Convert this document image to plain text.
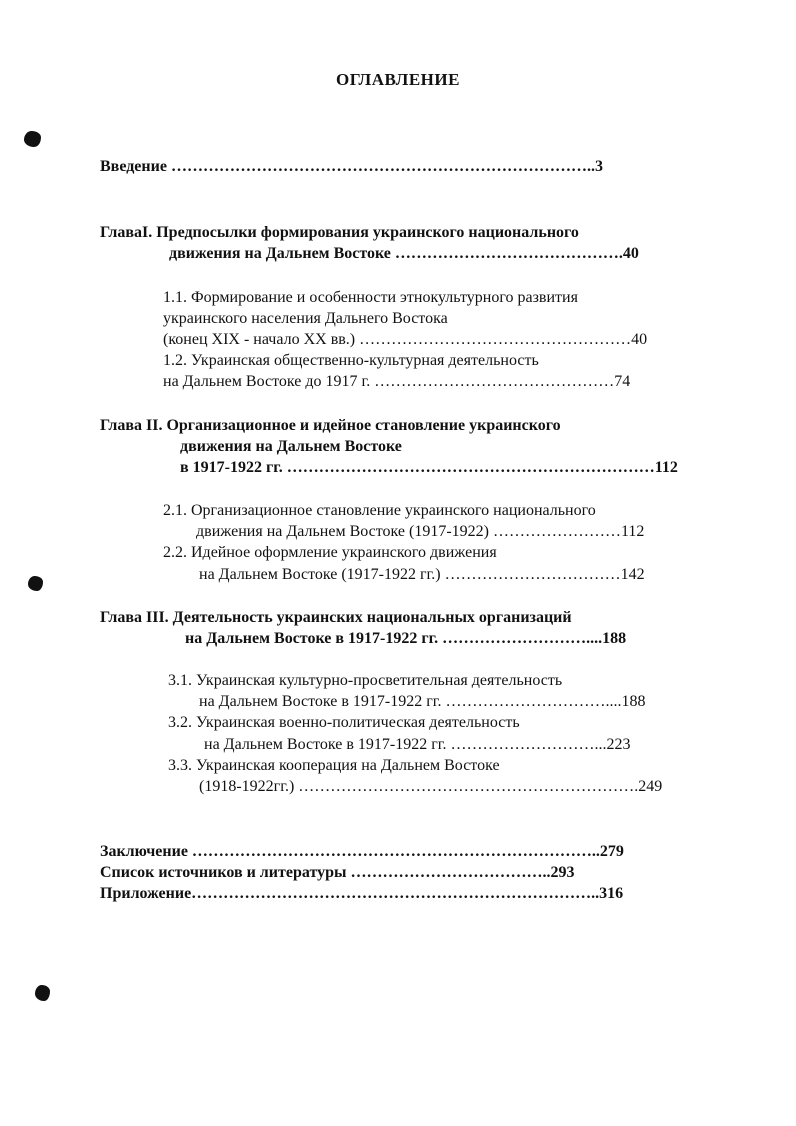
ОГЛАВЛЕНИЕ
Введение ……………………………………………………………………..3
ГлаваI. Предпосылки формирования украинского национального
движения на Дальнем Востоке …………………………………….40
1.1. Формирование и особенности этнокультурного развития
украинского населения Дальнего Востока
(конец XIX - начало XX вв.) ……………………………………………40
1.2. Украинская общественно-культурная деятельность
на Дальнем Востоке до 1917 г. ………………………………………74
Глава II. Организационное и идейное становление украинского
движения на Дальнем Востоке
в 1917-1922 гг. ……………………………………………………………112
2.1. Организационное становление украинского национального
движения на Дальнем Востоке (1917-1922) ……………………112
2.2. Идейное оформление украинского движения
на Дальнем Востоке (1917-1922 гг.) ……………………………142
Глава III. Деятельность украинских национальных организаций
на Дальнем Востоке в 1917-1922 гг. ………………………....188
3.1. Украинская культурно-просветительная деятельность
на Дальнем Востоке в 1917-1922 гг. …………………………....188
3.2. Украинская военно-политическая деятельность
на Дальнем Востоке в 1917-1922 гг. ………………………...223
3.3. Украинская кооперация на Дальнем Востоке
(1918-1922гг.) ……………………………………………………….249
Заключение …………………………………………………………………..279
Список источников и литературы ………………………………..293
Приложение…………………………………………………………………..316
